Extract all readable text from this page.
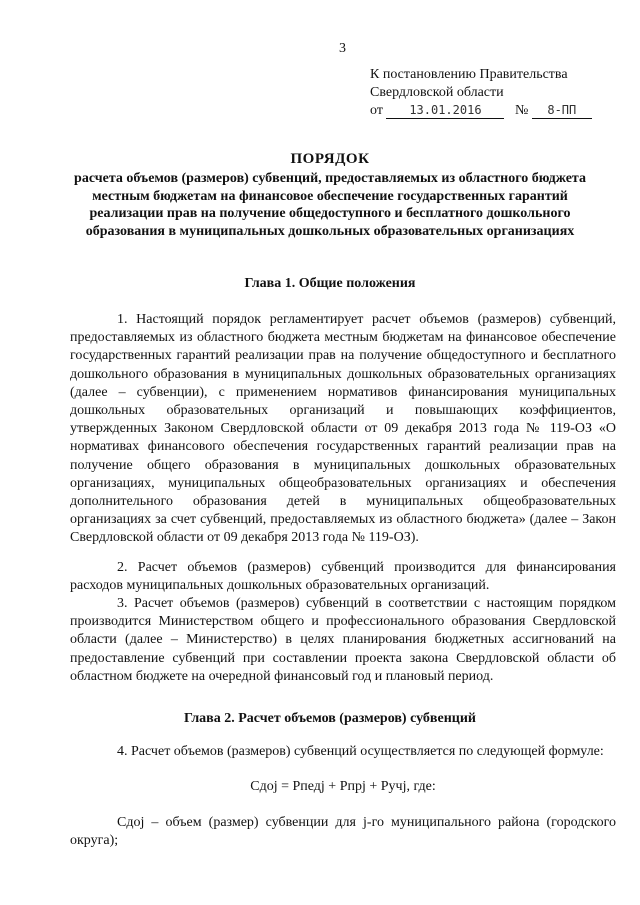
3
К постановлению Правительства
Свердловской области
от 13.01.2016 № 8-ПП
ПОРЯДОК
расчета объемов (размеров) субвенций, предоставляемых из областного бюджета местным бюджетам на финансовое обеспечение государственных гарантий реализации прав на получение общедоступного и бесплатного дошкольного образования в муниципальных дошкольных образовательных организациях
Глава 1. Общие положения
1. Настоящий порядок регламентирует расчет объемов (размеров) субвенций, предоставляемых из областного бюджета местным бюджетам на финансовое обеспечение государственных гарантий реализации прав на получение общедоступного и бесплатного дошкольного образования в муниципальных дошкольных образовательных организациях (далее – субвенции), с применением нормативов финансирования муниципальных дошкольных образовательных организаций и повышающих коэффициентов, утвержденных Законом Свердловской области от 09 декабря 2013 года № 119-ОЗ «О нормативах финансового обеспечения государственных гарантий реализации прав на получение общего образования в муниципальных дошкольных образовательных организациях, муниципальных общеобразовательных организациях и обеспечения дополнительного образования детей в муниципальных общеобразовательных организациях за счет субвенций, предоставляемых из областного бюджета» (далее – Закон Свердловской области от 09 декабря 2013 года № 119-ОЗ).
2. Расчет объемов (размеров) субвенций производится для финансирования расходов муниципальных дошкольных образовательных организаций.
3. Расчет объемов (размеров) субвенций в соответствии с настоящим порядком производится Министерством общего и профессионального образования Свердловской области (далее – Министерство) в целях планирования бюджетных ассигнований на предоставление субвенций при составлении проекта закона Свердловской области об областном бюджете на очередной финансовый год и плановый период.
Глава 2. Расчет объемов (размеров) субвенций
4. Расчет объемов (размеров) субвенций осуществляется по следующей формуле:
Сдоj = Рпедj + Рпрj + Ручj, где:
Сдоj – объем (размер) субвенции для j-го муниципального района (городского округа);
